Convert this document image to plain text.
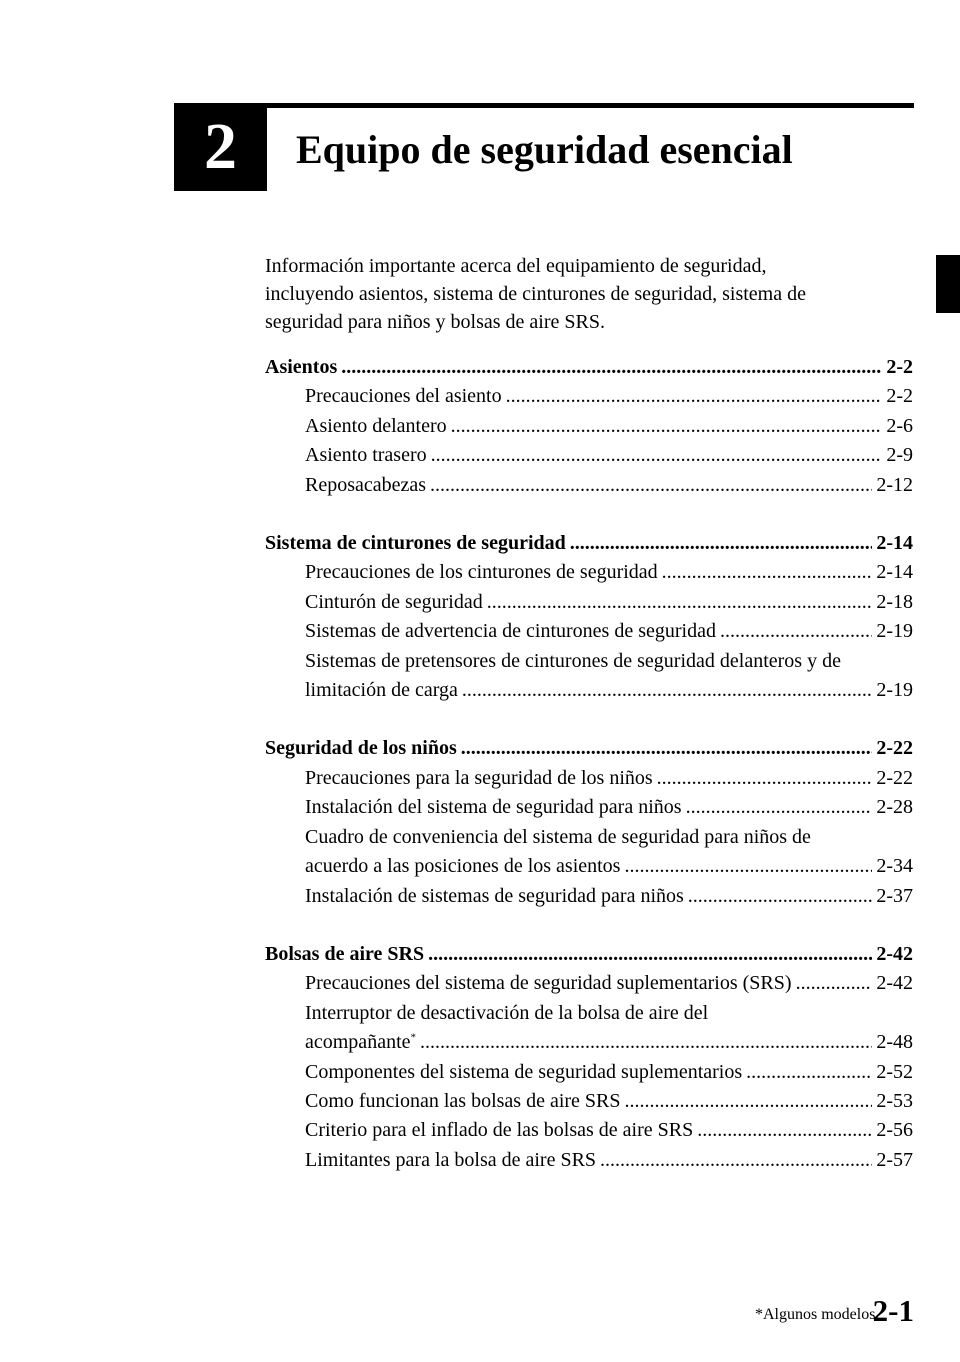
2 Equipo de seguridad esencial

Información importante acerca del equipamiento de seguridad,

incluyendo asientos, sistema de cinturones de seguridad, sistema de

seguridad para niños y bolsas de aire SRS.

Asientos . . .	2-2
Precauciones del asiento . . .	2-2
Asiento delantero . . .	2-6
Asiento trasero . . .	2-9
Reposacabezas . . .	2-12
Sistema de cinturones de seguridad . . .	2-14
Precauciones de los cinturones de seguridad . . .	2-14
Cinturón de seguridad . . .	2-18
Sistemas de advertencia de cinturones de seguridad . . .	2-19
Sistemas de pretensores de cinturones de seguridad delanteros y de
limitación de carga . . .	2-19
Seguridad de los niños . . .	2-22
Precauciones para la seguridad de los niños . . .	2-22
Instalación del sistema de seguridad para niños . . .	2-28
Cuadro de conveniencia del sistema de seguridad para niños de
acuerdo a las posiciones de los asientos . . .	2-34
Instalación de sistemas de seguridad para niños . . .	2-37
Bolsas de aire SRS . . .	2-42
Precauciones del sistema de seguridad suplementarios (SRS) . . .	2-42
Interruptor de desactivación de la bolsa de aire del
acompañante* . . .	2-48
Componentes del sistema de seguridad suplementarios . . .	2-52
Como funcionan las bolsas de aire SRS . . .	2-53
Criterio para el inflado de las bolsas de aire SRS . . .	2-56
Limitantes para la bolsa de aire SRS . . .	2-57
*Algunos modelos.
2-1
